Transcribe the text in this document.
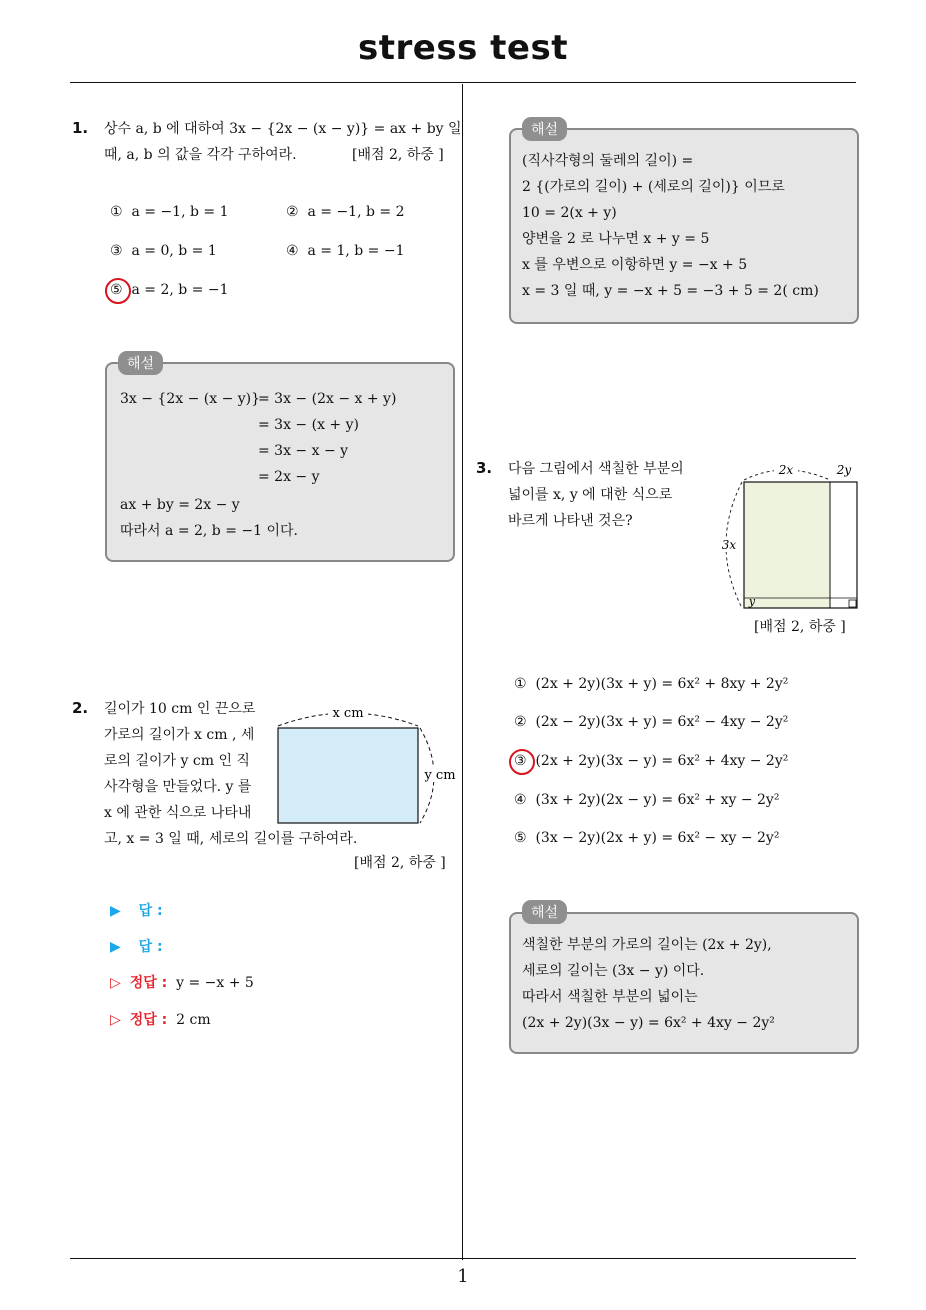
stress test
1
1. 상수 a, b 에 대하여 3x − {2x − (x − y)} = ax + by 일
때, a, b 의 값을 각각 구하여라.	[배점 2, 하중 ]
① a = −1, b = 1	② a = −1, b = 2
③ a = 0, b = 1	④ a = 1, b = −1
⑤ a = 2, b = −1
해설
3x − {2x − (x − y)}
= 3x − (2x − x + y)
= 3x − (x + y)
= 3x − x − y
= 2x − y
ax + by = 2x − y
따라서 a = 2, b = −1 이다.
2. 길이가 10 cm 인 끈으로
가로의 길이가 x cm , 세
로의 길이가 y cm 인 직
사각형을 만들었다. y 를
x 에 관한 식으로 나타내
고, x = 3 일 때, 세로의 길이를 구하여라.
[배점 2, 하중 ]
x cm
y cm
▶ 답 :
▶ 답 :
▷ 정답 : y = −x + 5
▷ 정답 : 2 cm
해설
(직사각형의 둘레의 길이) =
2 {(가로의 길이) + (세로의 길이)} 이므로
10 = 2(x + y)
양변을 2 로 나누면 x + y = 5
x 를 우변으로 이항하면 y = −x + 5
x = 3 일 때, y = −x + 5 = −3 + 5 = 2( cm)
3. 다음 그림에서 색칠한 부분의
넓이를 x, y 에 대한 식으로
바르게 나타낸 것은?
2x	2y
3x
y
[배점 2, 하중 ]
① (2x + 2y)(3x + y) = 6x² + 8xy + 2y²
② (2x − 2y)(3x + y) = 6x² − 4xy − 2y²
③ (2x + 2y)(3x − y) = 6x² + 4xy − 2y²
④ (3x + 2y)(2x − y) = 6x² + xy − 2y²
⑤ (3x − 2y)(2x + y) = 6x² − xy − 2y²
해설
색칠한 부분의 가로의 길이는 (2x + 2y),
세로의 길이는 (3x − y) 이다.
따라서 색칠한 부분의 넓이는
(2x + 2y)(3x − y) = 6x² + 4xy − 2y²
